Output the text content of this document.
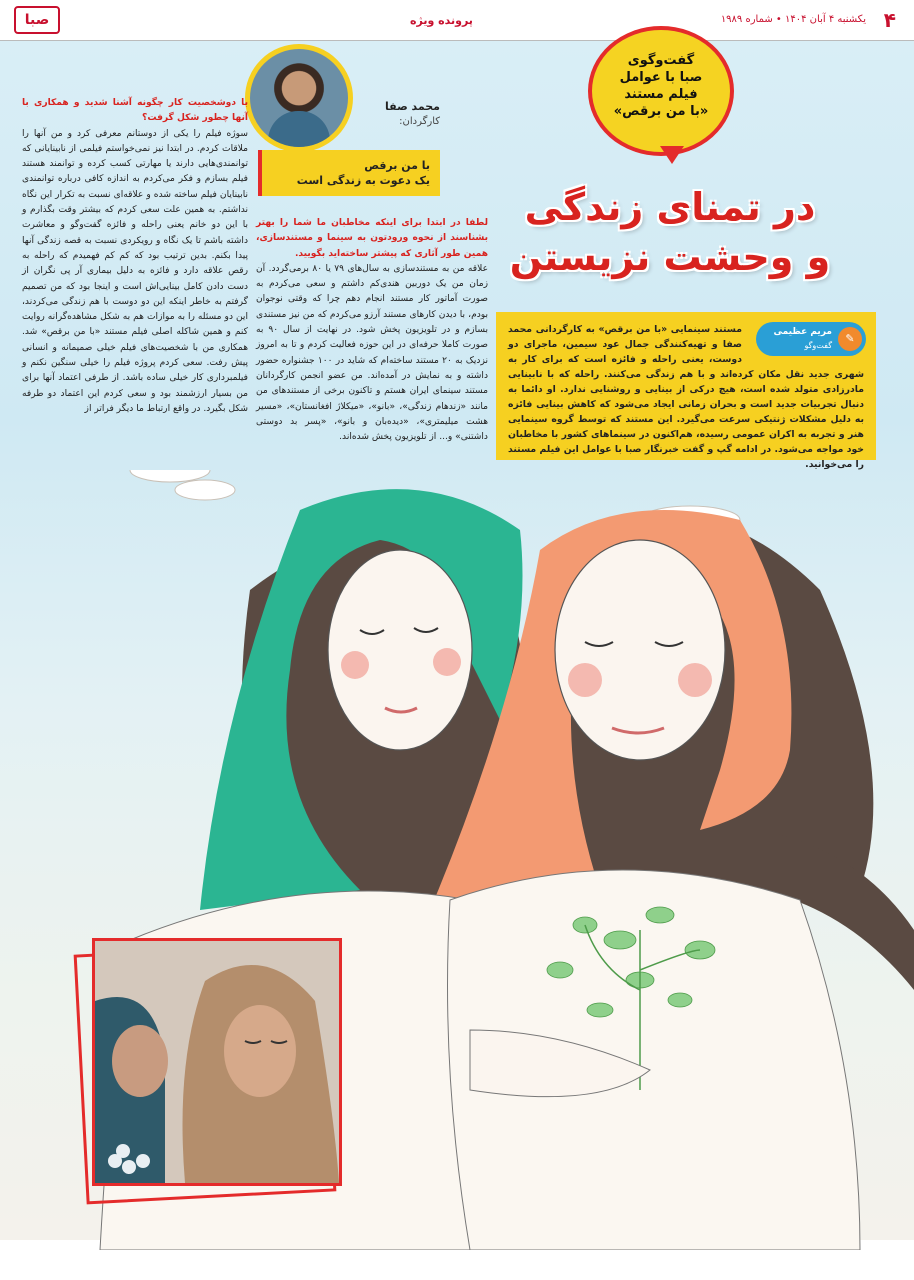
۴
یکشنبه ۴ آبان ۱۴۰۴ • شماره ۱۹۸۹
پرونده ویژه
صبا
گفت‌وگوی
صبا با عوامل
فیلم مستند
«با من برقص»
در تمنای زندگی
و وحشت نزیستن
مستند سینمایی «با من برقص» به کارگردانی محمد صفا و تهیه‌کنندگی جمال عود سیمین، ماجرای دو دوست، یعنی راحله و فائزه است که برای کار به شهری جدید نقل مکان کرده‌اند و با هم زندگی می‌کنند. راحله که با نابینایی مادرزادی متولد شده است، هیچ درکی از بینایی و روشنایی ندارد. او دائما به دنبال تجربیات جدید است و بحران زمانی ایجاد می‌شود که کاهش بینایی فائزه به دلیل مشکلات ژنتیکی سرعت می‌گیرد. این مستند که توسط گروه سینمایی هنر و تجربه به اکران عمومی رسیده، هم‌اکنون در سینماهای کشور با مخاطبان خود مواجه می‌شود. در ادامه گپ و گفت خبرنگار صبا با عوامل این فیلم مستند را می‌خوانید.
✎
مریم عظیمی
گفت‌وگو
محمد صفا
کارگردان:
با من برقص
یک دعوت به زندگی است

لطفا در ابتدا برای اینکه مخاطبان ما شما را بهتر بشناسند از نحوه ورودتون به سینما و مستندسازی، همین طور آثاری که پیشتر ساخته‌اید بگویید.

علاقه من به مستندسازی به سال‌های ۷۹ یا ۸۰ برمی‌گردد. آن زمان من یک دوربین هندی‌کم داشتم و سعی می‌کردم به صورت آماتور کار مستند انجام دهم چرا که وقتی نوجوان بودم، با دیدن کارهای مستند آرزو می‌کردم که من نیز مستندی بسازم و در تلویزیون پخش شود. در نهایت از سال ۹۰ به صورت کاملا حرفه‌ای در این حوزه فعالیت کردم و تا به امروز نزدیک به ۲۰ مستند ساخته‌ام که شاید در ۱۰۰ جشنواره حضور داشته و به نمایش در آمده‌اند. من عضو انجمن کارگردانان مستند سینمای ایران هستم و تاکنون برخی از مستندهای من مانند «زندهام زندگی»، «بانو»، «میکلاژ افغانستان»، «مسیر هشت میلیمتری»، «دیده‌بان و بانو»، «پسر بد دوستی داشتنی» و... از تلویزیون پخش شده‌اند.

با دوشخصیت کار چگونه آشنا شدید و همکاری با آنها چطور شکل گرفت؟

سوژه فیلم را یکی از دوستانم معرفی کرد و من آنها را ملاقات کردم. در ابتدا نیز نمی‌خواستم فیلمی از نابینایانی که توانمندی‌هایی دارند یا مهارتی کسب کرده و توانمند هستند فیلم بسازم و فکر می‌کردم به اندازه کافی درباره توانمندی نابینایان فیلم ساخته شده و علاقه‌ای نسبت به تکرار این نگاه نداشتم. به همین علت سعی کردم که بیشتر وقت بگذارم و با این دو خانم یعنی راحله و فائزه گفت‌وگو و معاشرت داشته باشم تا یک نگاه و رویکردی نسبت به قصه زندگی آنها پیدا بکنم. بدین ترتیب بود که کم کم فهمیدم که راحله به رقص علاقه دارد و فائزه به دلیل بیماری آر پی نگران از دست دادن کامل بینایی‌اش است و اینجا بود که من تصمیم گرفتم به خاطر اینکه این دو دوست با هم زندگی می‌کردند، این دو مسئله را به موازات هم به شکل مشاهده‌گرانه روایت کنم و همین شاکله اصلی فیلم مستند «با من برقص» شد. همکاری من با شخصیت‌های فیلم خیلی صمیمانه و انسانی پیش رفت. سعی کردم پروژه فیلم را خیلی سنگین نکنم و فیلمبرداری کار خیلی ساده باشد. از طرفی اعتماد آنها برای من بسیار ارزشمند بود و سعی کردم این اعتماد دو طرفه شکل بگیرد. در واقع ارتباط ما دیگر فراتر از
